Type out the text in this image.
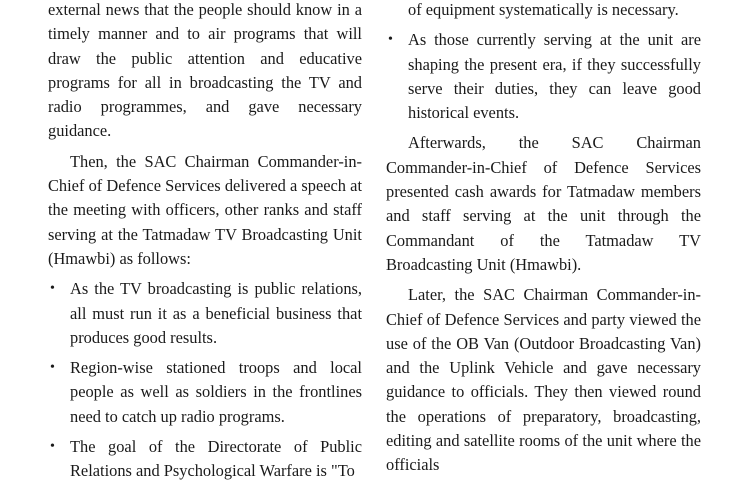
external news that the people should know in a timely manner and to air programs that will draw the public attention and educative programs for all in broadcasting the TV and radio programmes, and gave necessary guidance.

Then, the SAC Chairman Commander-in-Chief of Defence Services delivered a speech at the meeting with officers, other ranks and staff serving at the Tatmadaw TV Broadcasting Unit (Hmawbi) as follows:

• As the TV broadcasting is public relations, all must run it as a beneficial business that produces good results.
• Region-wise stationed troops and local people as well as soldiers in the frontlines need to catch up radio programs.
• The goal of the Directorate of Public Relations and Psychological Warfare is "To
of equipment systematically is necessary.
• As those currently serving at the unit are shaping the present era, if they successfully serve their duties, they can leave good historical events.

Afterwards, the SAC Chairman Commander-in-Chief of Defence Services presented cash awards for Tatmadaw members and staff serving at the unit through the Commandant of the Tatmadaw TV Broadcasting Unit (Hmawbi).

Later, the SAC Chairman Commander-in-Chief of Defence Services and party viewed the use of the OB Van (Outdoor Broadcasting Van) and the Uplink Vehicle and gave necessary guidance to officials. They then viewed round the operations of preparatory, broadcasting, editing and satellite rooms of the unit where the officials
